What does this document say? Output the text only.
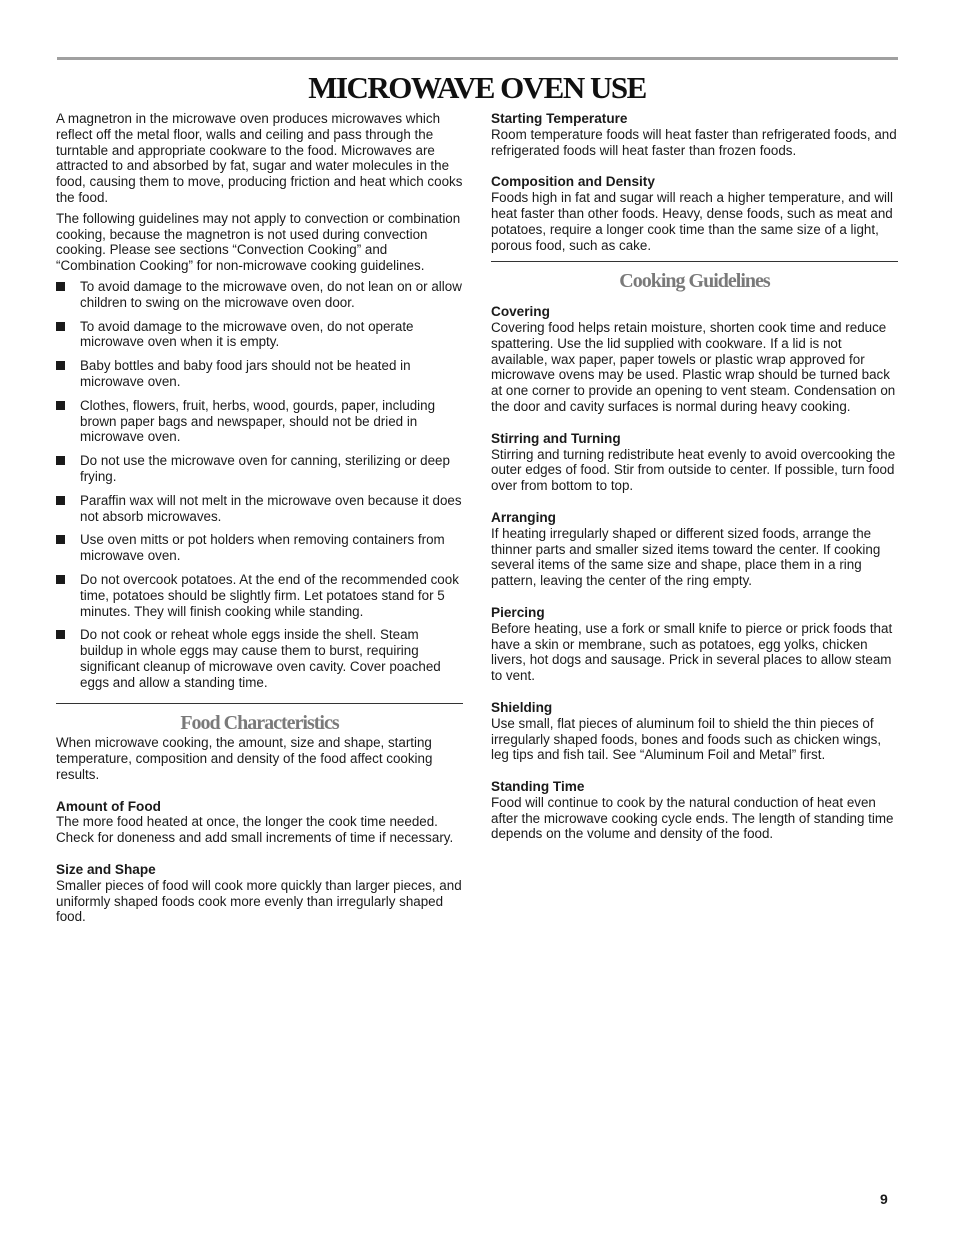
MICROWAVE OVEN USE

A magnetron in the microwave oven produces microwaves which reflect off the metal floor, walls and ceiling and pass through the turntable and appropriate cookware to the food. Microwaves are attracted to and absorbed by fat, sugar and water molecules in the food, causing them to move, producing friction and heat which cooks the food.

The following guidelines may not apply to convection or combination cooking, because the magnetron is not used during convection cooking. Please see sections “Convection Cooking” and “Combination Cooking” for non-microwave cooking guidelines.

To avoid damage to the microwave oven, do not lean on or allow children to swing on the microwave oven door.
To avoid damage to the microwave oven, do not operate microwave oven when it is empty.
Baby bottles and baby food jars should not be heated in microwave oven.
Clothes, flowers, fruit, herbs, wood, gourds, paper, including brown paper bags and newspaper, should not be dried in microwave oven.
Do not use the microwave oven for canning, sterilizing or deep frying.
Paraffin wax will not melt in the microwave oven because it does not absorb microwaves.
Use oven mitts or pot holders when removing containers from microwave oven.
Do not overcook potatoes. At the end of the recommended cook time, potatoes should be slightly firm. Let potatoes stand for 5 minutes. They will finish cooking while standing.
Do not cook or reheat whole eggs inside the shell. Steam buildup in whole eggs may cause them to burst, requiring significant cleanup of microwave oven cavity. Cover poached eggs and allow a standing time.
Food Characteristics

When microwave cooking, the amount, size and shape, starting temperature, composition and density of the food affect cooking results.

Amount of Food
The more food heated at once, the longer the cook time needed. Check for doneness and add small increments of time if necessary.
Size and Shape
Smaller pieces of food will cook more quickly than larger pieces, and uniformly shaped foods cook more evenly than irregularly shaped food.
Starting Temperature
Room temperature foods will heat faster than refrigerated foods, and refrigerated foods will heat faster than frozen foods.
Composition and Density
Foods high in fat and sugar will reach a higher temperature, and will heat faster than other foods. Heavy, dense foods, such as meat and potatoes, require a longer cook time than the same size of a light, porous food, such as cake.
Cooking Guidelines
Covering
Covering food helps retain moisture, shorten cook time and reduce spattering. Use the lid supplied with cookware. If a lid is not available, wax paper, paper towels or plastic wrap approved for microwave ovens may be used. Plastic wrap should be turned back at one corner to provide an opening to vent steam. Condensation on the door and cavity surfaces is normal during heavy cooking.
Stirring and Turning
Stirring and turning redistribute heat evenly to avoid overcooking the outer edges of food. Stir from outside to center. If possible, turn food over from bottom to top.
Arranging
If heating irregularly shaped or different sized foods, arrange the thinner parts and smaller sized items toward the center. If cooking several items of the same size and shape, place them in a ring pattern, leaving the center of the ring empty.
Piercing
Before heating, use a fork or small knife to pierce or prick foods that have a skin or membrane, such as potatoes, egg yolks, chicken livers, hot dogs and sausage. Prick in several places to allow steam to vent.
Shielding
Use small, flat pieces of aluminum foil to shield the thin pieces of irregularly shaped foods, bones and foods such as chicken wings, leg tips and fish tail. See “Aluminum Foil and Metal” first.
Standing Time
Food will continue to cook by the natural conduction of heat even after the microwave cooking cycle ends. The length of standing time depends on the volume and density of the food.
9
